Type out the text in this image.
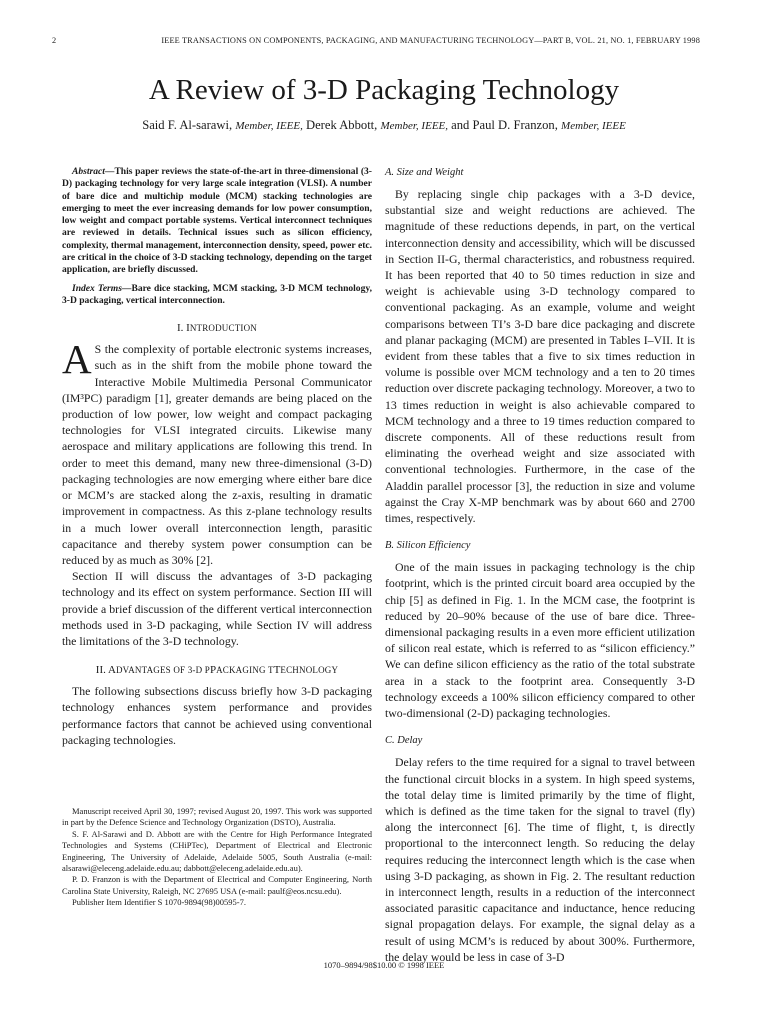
2	IEEE TRANSACTIONS ON COMPONENTS, PACKAGING, AND MANUFACTURING TECHNOLOGY—PART B, VOL. 21, NO. 1, FEBRUARY 1998
A Review of 3-D Packaging Technology
Said F. Al-sarawi, Member, IEEE, Derek Abbott, Member, IEEE, and Paul D. Franzon, Member, IEEE

Abstract—This paper reviews the state-of-the-art in three-dimensional (3-D) packaging technology for very large scale integration (VLSI). A number of bare dice and multichip module (MCM) stacking technologies are emerging to meet the ever increasing demands for low power consumption, low weight and compact portable systems. Vertical interconnect techniques are reviewed in details. Technical issues such as silicon efficiency, complexity, thermal management, interconnection density, speed, power etc. are critical in the choice of 3-D stacking technology, depending on the target application, are briefly discussed.

Index Terms—Bare dice stacking, MCM stacking, 3-D MCM technology, 3-D packaging, vertical interconnection.

I. INTRODUCTION

A S the complexity of portable electronic systems increases, such as in the shift from the mobile phone toward the Interactive Mobile Multimedia Personal Communicator (IM³PC) paradigm [1], greater demands are being placed on the production of low power, low weight and compact packaging technologies for VLSI integrated circuits. Likewise many aerospace and military applications are following this trend. In order to meet this demand, many new three-dimensional (3-D) packaging technologies are now emerging where either bare dice or MCM’s are stacked along the z-axis, resulting in dramatic improvement in compactness. As this z-plane technology results in a much lower overall interconnection length, parasitic capacitance and thereby system power consumption can be reduced by as much as 30% [2].

Section II will discuss the advantages of 3-D packaging technology and its effect on system performance. Section III will provide a brief discussion of the different vertical interconnection methods used in 3-D packaging, while Section IV will address the limitations of the 3-D technology.

II. ADVANTAGES OF 3-D PPACKAGING TTECHNOLOGY

The following subsections discuss briefly how 3-D packaging technology enhances system performance and provides performance factors that cannot be achieved using conventional packaging technologies.

Manuscript received April 30, 1997; revised August 20, 1997. This work was supported in part by the Defence Science and Technology Organization (DSTO), Australia.

S. F. Al-Sarawi and D. Abbott are with the Centre for High Performance Integrated Technologies and Systems (CHiPTec), Department of Electrical and Electronic Engineering, The University of Adelaide, Adelaide 5005, South Australia (e-mail: alsarawi@eleceng.adelaide.edu.au; dabbott@eleceng.adelaide.edu.au).

P. D. Franzon is with the Department of Electrical and Computer Engineering, North Carolina State University, Raleigh, NC 27695 USA (e-mail: paulf@eos.ncsu.edu).

Publisher Item Identifier S 1070-9894(98)00595-7.

A. Size and Weight

By replacing single chip packages with a 3-D device, substantial size and weight reductions are achieved. The magnitude of these reductions depends, in part, on the vertical interconnection density and accessibility, which will be discussed in Section II-G, thermal characteristics, and robustness required. It has been reported that 40 to 50 times reduction in size and weight is achievable using 3-D technology compared to conventional packaging. As an example, volume and weight comparisons between TI’s 3-D bare dice packaging and discrete and planar packaging (MCM) are presented in Tables I–VII. It is evident from these tables that a five to six times reduction in volume is possible over MCM technology and a ten to 20 times reduction over discrete packaging technology. Moreover, a two to 13 times reduction in weight is also achievable compared to MCM technology and a three to 19 times reduction compared to discrete components. All of these reductions result from eliminating the overhead weight and size associated with conventional technologies. Furthermore, in the case of the Aladdin parallel processor [3], the reduction in size and volume against the Cray X-MP benchmark was by about 660 and 2700 times, respectively.

B. Silicon Efficiency

One of the main issues in packaging technology is the chip footprint, which is the printed circuit board area occupied by the chip [5] as defined in Fig. 1. In the MCM case, the footprint is reduced by 20–90% because of the use of bare dice. Three-dimensional packaging results in a even more efficient utilization of silicon real estate, which is referred to as “silicon efficiency.” We can define silicon efficiency as the ratio of the total substrate area in a stack to the footprint area. Consequently 3-D technology exceeds a 100% silicon efficiency compared to other two-dimensional (2-D) packaging technologies.

C. Delay

Delay refers to the time required for a signal to travel between the functional circuit blocks in a system. In high speed systems, the total delay time is limited primarily by the time of flight, which is defined as the time taken for the signal to travel (fly) along the interconnect [6]. The time of flight, t, is directly proportional to the interconnect length. So reducing the delay requires reducing the interconnect length which is the case when using 3-D packaging, as shown in Fig. 2. The resultant reduction in interconnect length, results in a reduction of the interconnect associated parasitic capacitance and inductance, hence reducing signal propagation delays. For example, the signal delay as a result of using MCM’s is reduced by about 300%. Furthermore, the delay would be less in case of 3-D

1070–9894/98$10.00 © 1998 IEEE
